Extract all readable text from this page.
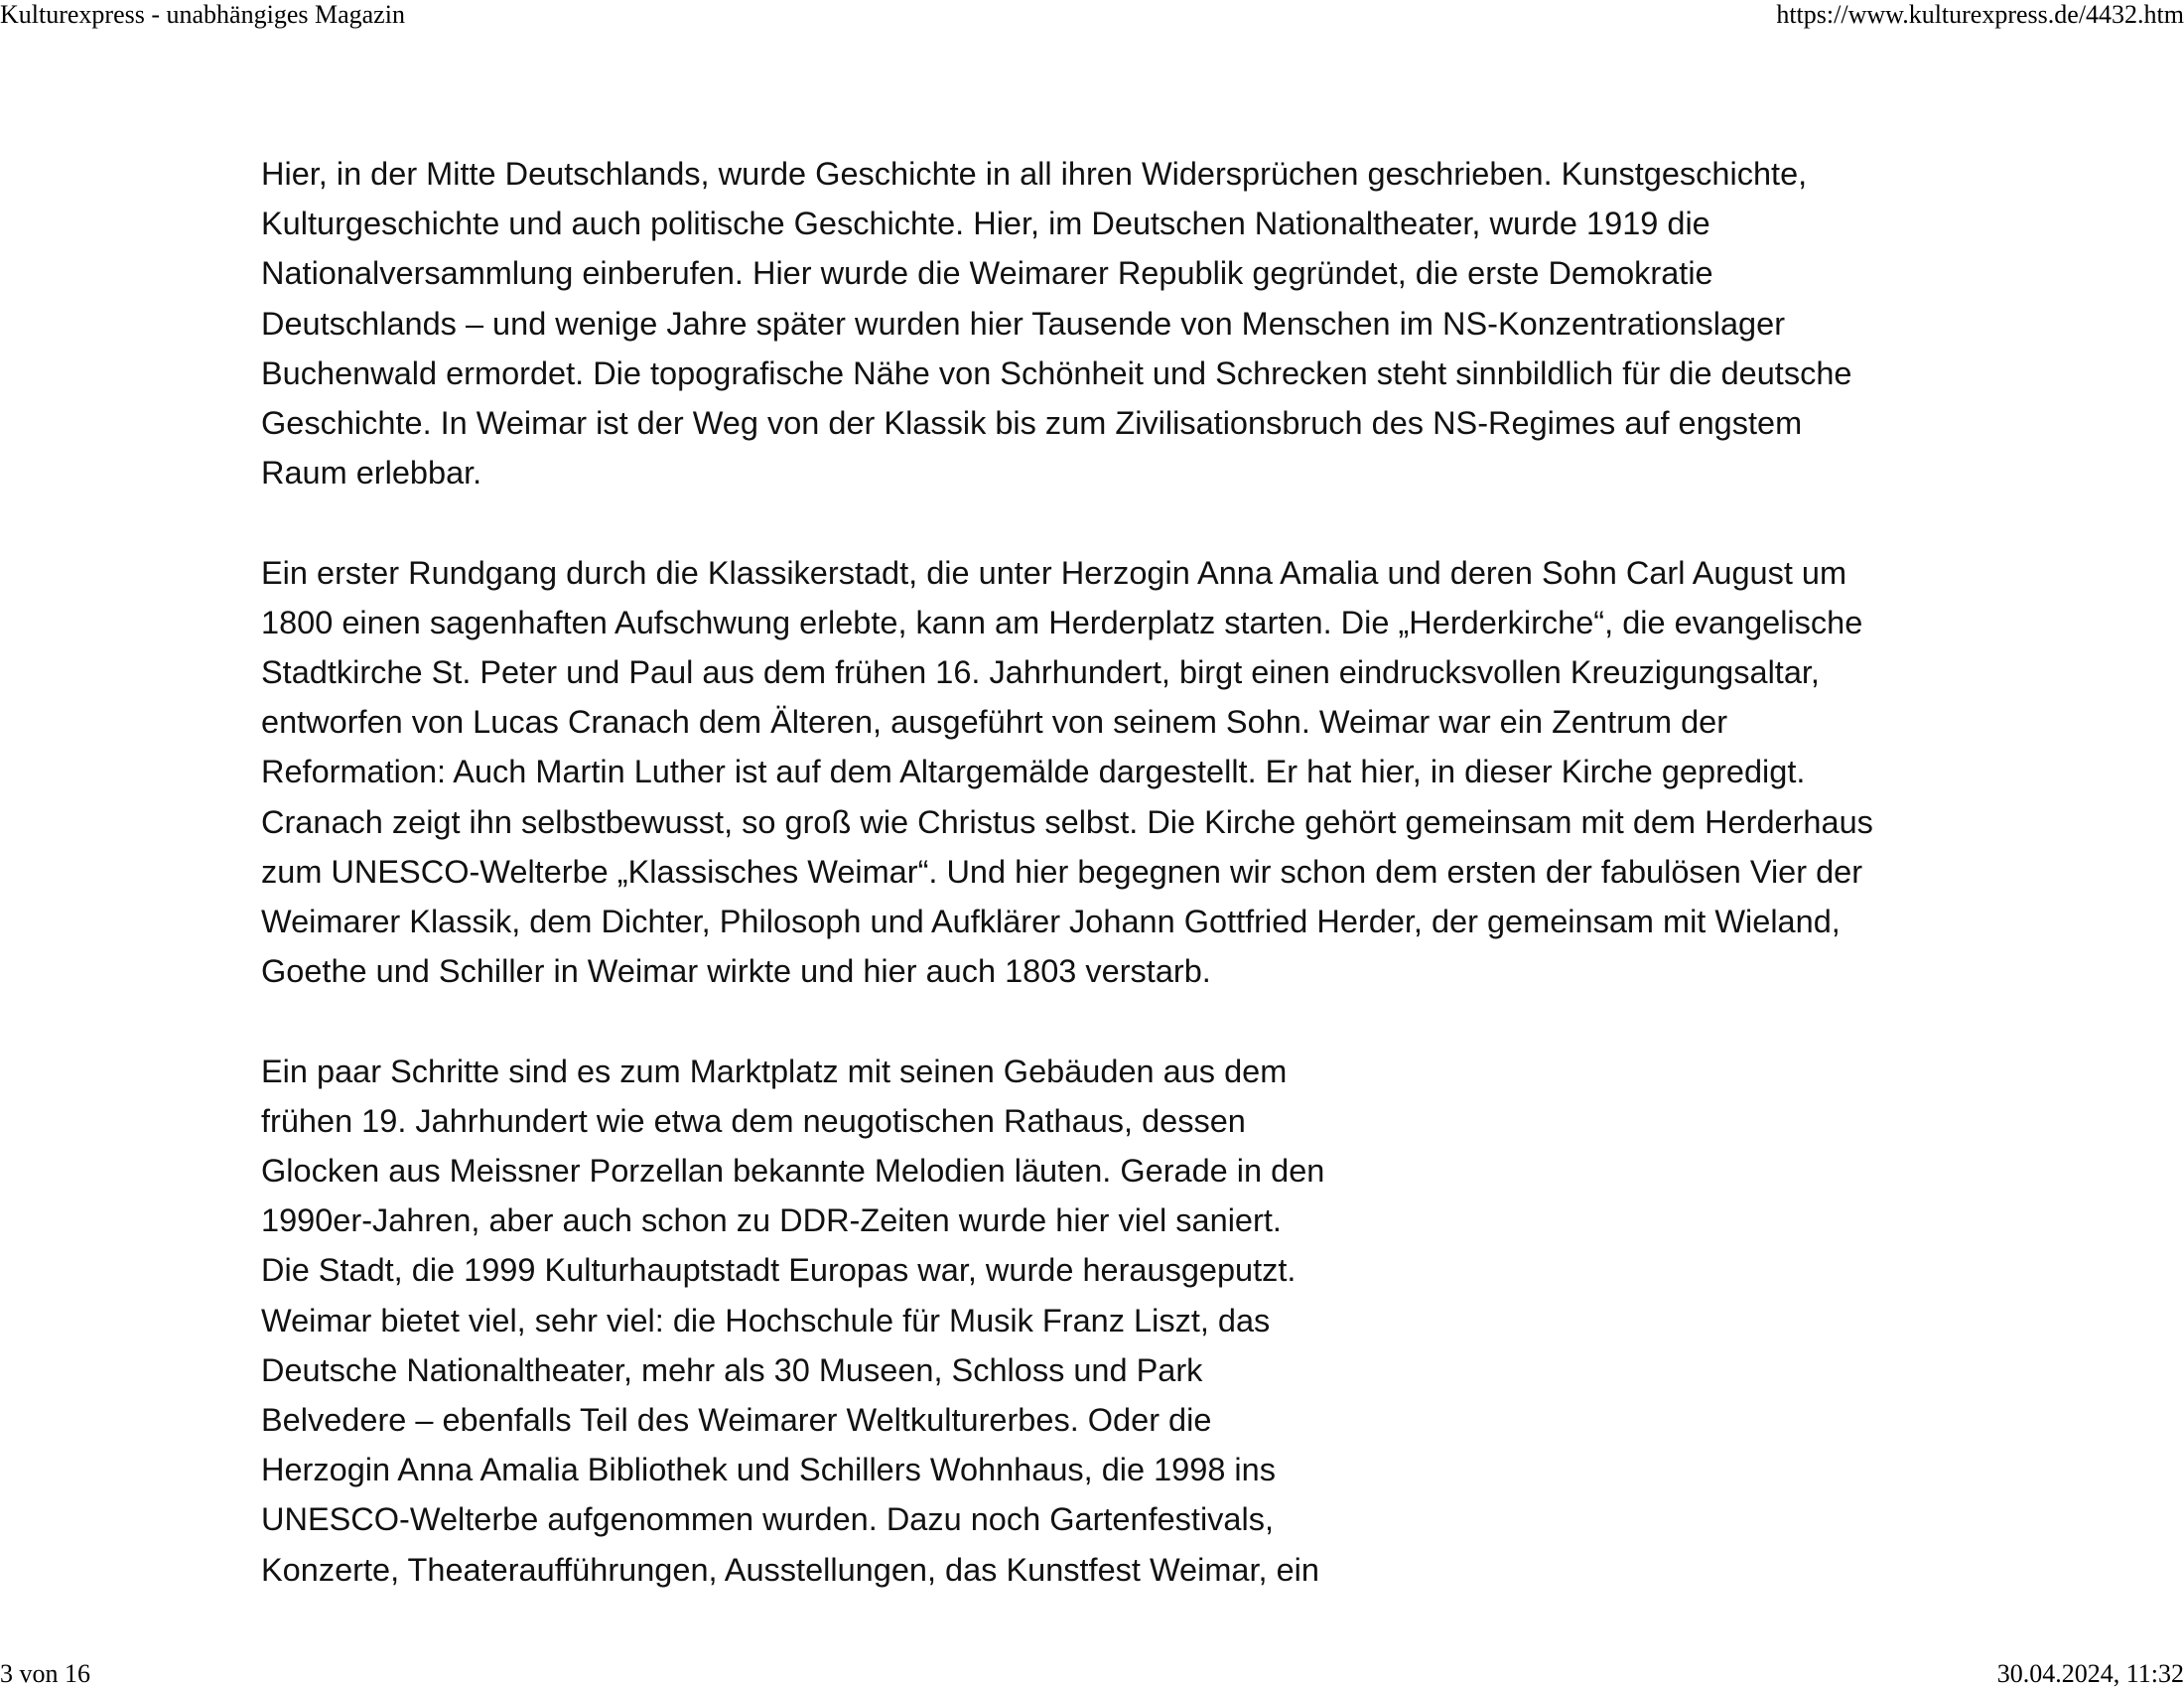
Kulturexpress - unabhängiges Magazin	https://www.kulturexpress.de/4432.htm

Hier, in der Mitte Deutschlands, wurde Geschichte in all ihren Widersprüchen geschrieben. Kunstgeschichte,
Kulturgeschichte und auch politische Geschichte. Hier, im Deutschen Nationaltheater, wurde 1919 die
Nationalversammlung einberufen. Hier wurde die Weimarer Republik gegründet, die erste Demokratie
Deutschlands – und wenige Jahre später wurden hier Tausende von Menschen im NS-Konzentrationslager
Buchenwald ermordet. Die topografische Nähe von Schönheit und Schrecken steht sinnbildlich für die deutsche
Geschichte. In Weimar ist der Weg von der Klassik bis zum Zivilisationsbruch des NS-Regimes auf engstem
Raum erlebbar.

Ein erster Rundgang durch die Klassikerstadt, die unter Herzogin Anna Amalia und deren Sohn Carl August um
1800 einen sagenhaften Aufschwung erlebte, kann am Herderplatz starten. Die „Herderkirche“, die evangelische
Stadtkirche St. Peter und Paul aus dem frühen 16. Jahrhundert, birgt einen eindrucksvollen Kreuzigungsaltar,
entworfen von Lucas Cranach dem Älteren, ausgeführt von seinem Sohn. Weimar war ein Zentrum der
Reformation: Auch Martin Luther ist auf dem Altargemälde dargestellt. Er hat hier, in dieser Kirche gepredigt.
Cranach zeigt ihn selbstbewusst, so groß wie Christus selbst. Die Kirche gehört gemeinsam mit dem Herderhaus
zum UNESCO-Welterbe „Klassisches Weimar“. Und hier begegnen wir schon dem ersten der fabulösen Vier der
Weimarer Klassik, dem Dichter, Philosoph und Aufklärer Johann Gottfried Herder, der gemeinsam mit Wieland,
Goethe und Schiller in Weimar wirkte und hier auch 1803 verstarb.

Ein paar Schritte sind es zum Marktplatz mit seinen Gebäuden aus dem
frühen 19. Jahrhundert wie etwa dem neugotischen Rathaus, dessen
Glocken aus Meissner Porzellan bekannte Melodien läuten. Gerade in den
1990er-Jahren, aber auch schon zu DDR-Zeiten wurde hier viel saniert.
Die Stadt, die 1999 Kulturhauptstadt Europas war, wurde herausgeputzt.
Weimar bietet viel, sehr viel: die Hochschule für Musik Franz Liszt, das
Deutsche Nationaltheater, mehr als 30 Museen, Schloss und Park
Belvedere – ebenfalls Teil des Weimarer Weltkulturerbes. Oder die
Herzogin Anna Amalia Bibliothek und Schillers Wohnhaus, die 1998 ins
UNESCO-Welterbe aufgenommen wurden. Dazu noch Gartenfestivals,
Konzerte, Theateraufführungen, Ausstellungen, das Kunstfest Weimar, ein

3 von 16	30.04.2024, 11:32
